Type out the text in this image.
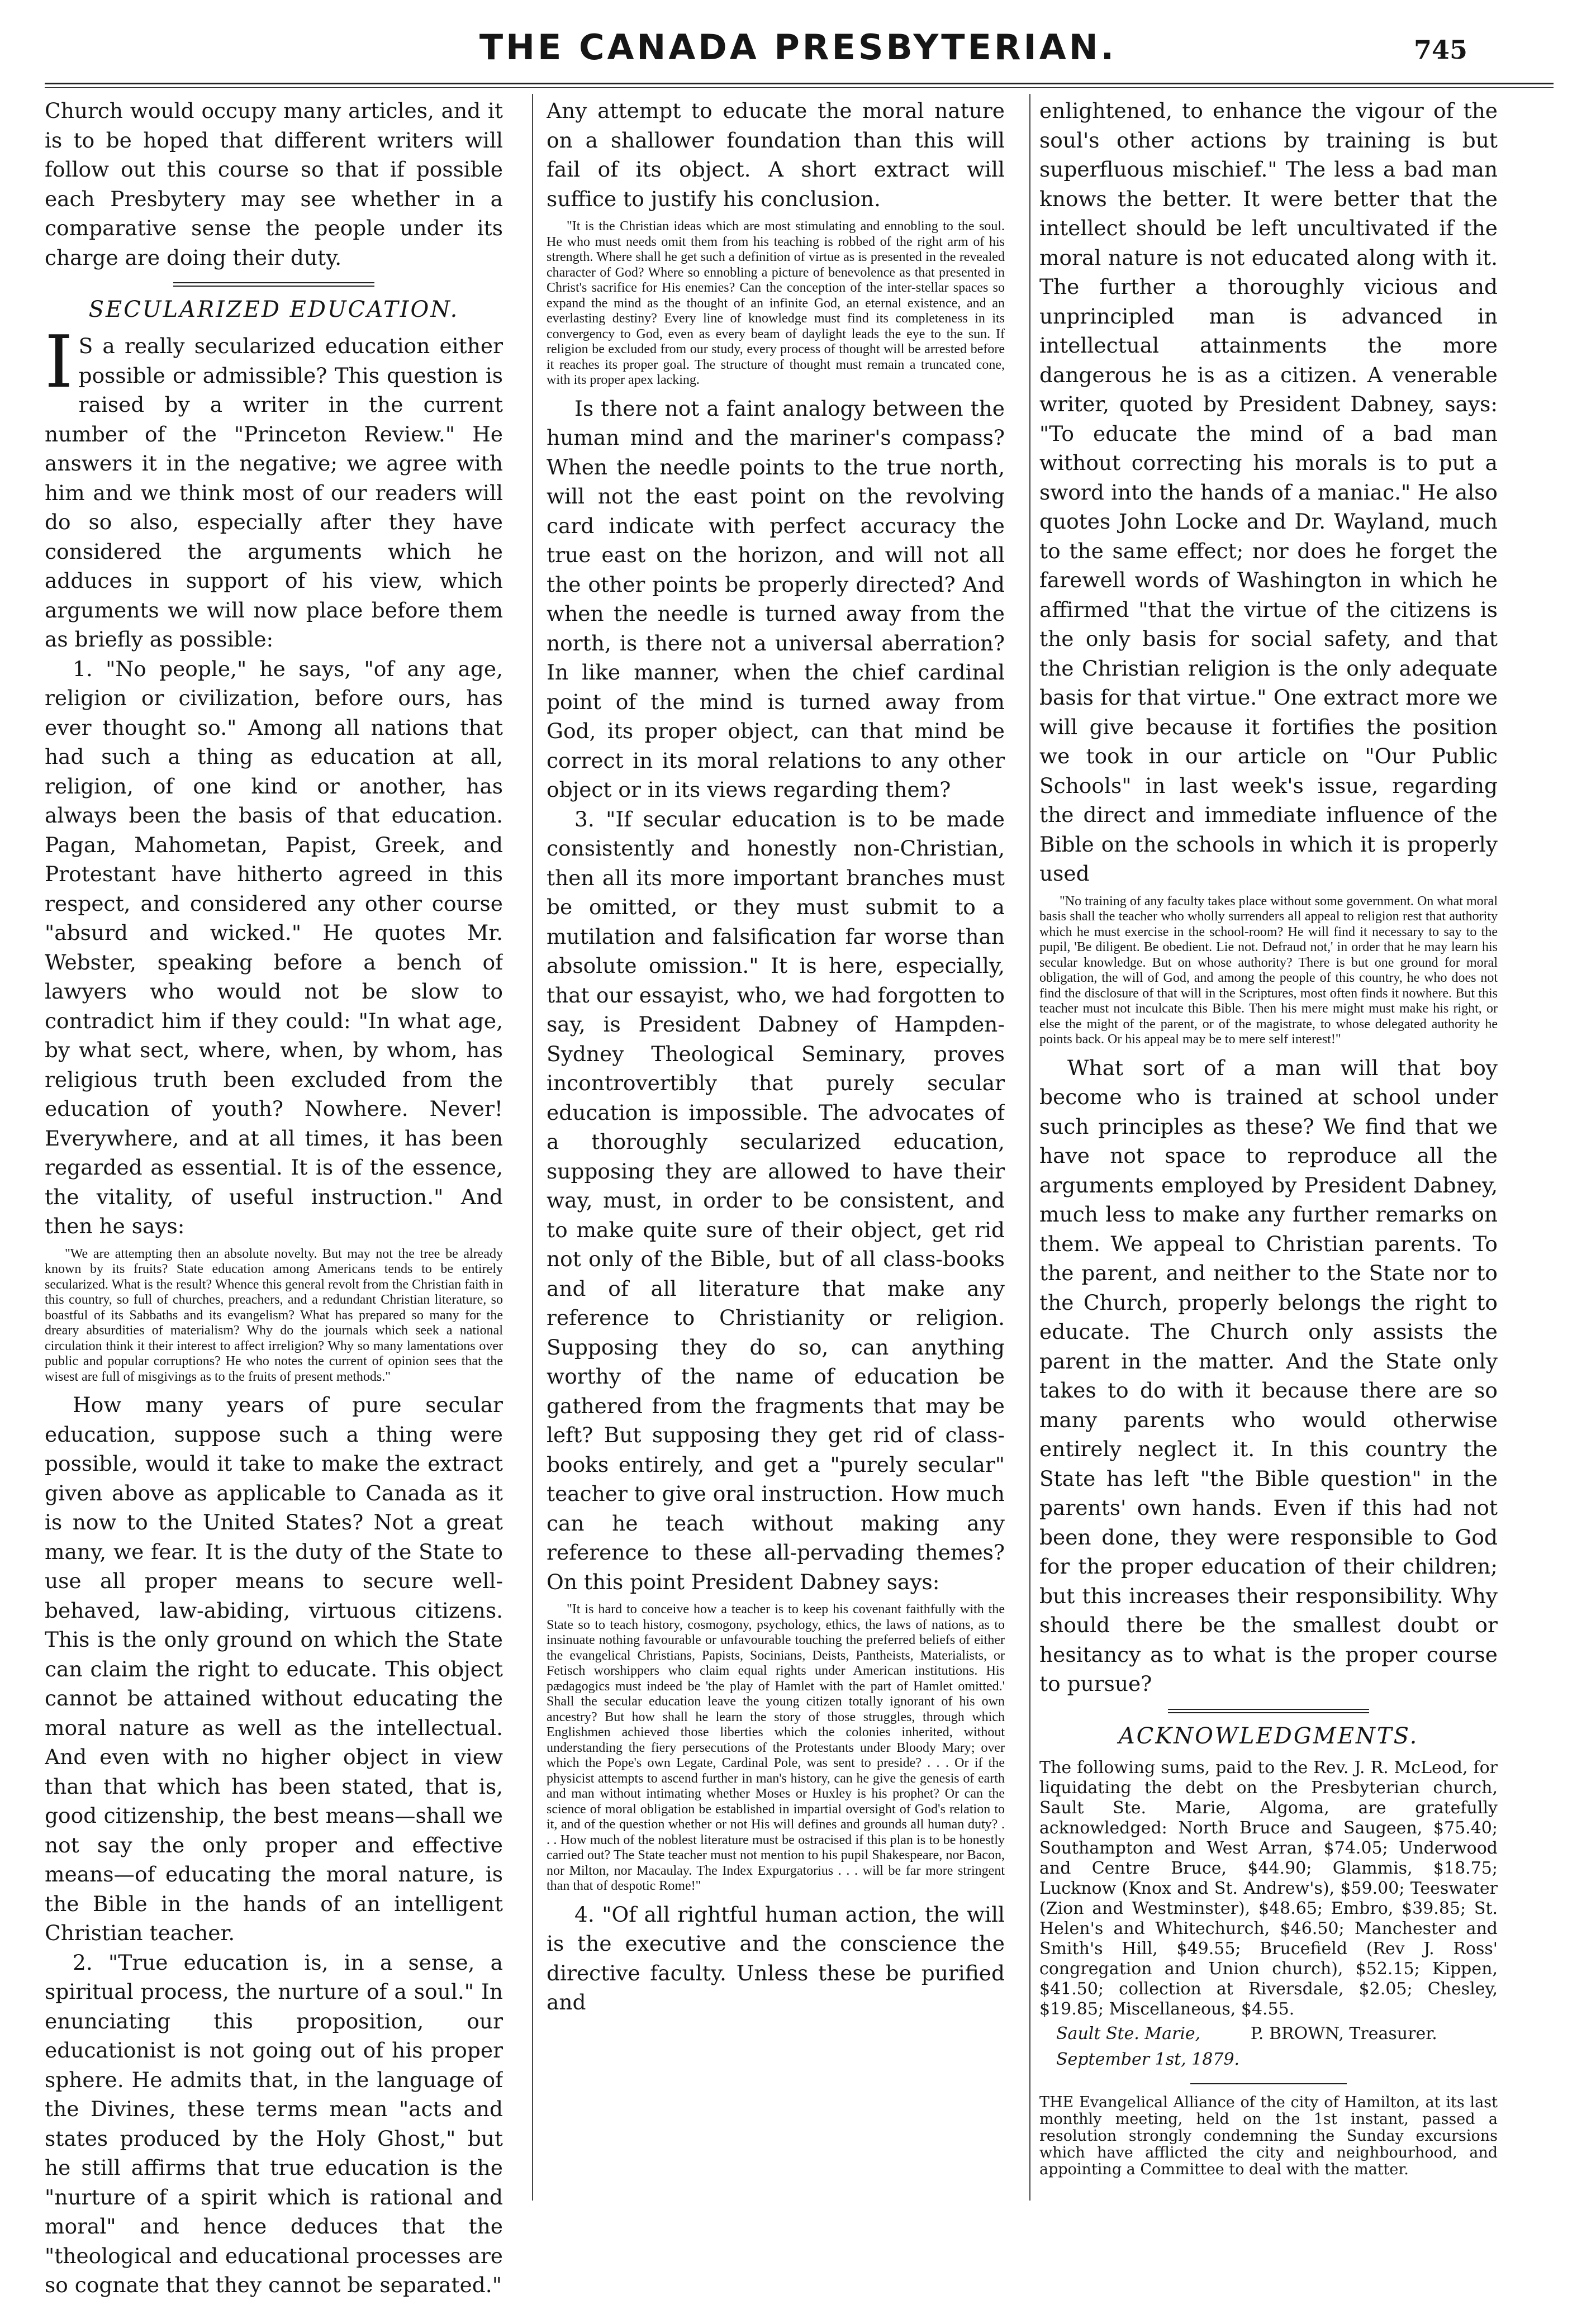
THE CANADA PRESBYTERIAN.	745

Church would occupy many articles, and it is to be hoped that different writers will follow out this course so that if possible each Presbytery may see whether in a comparative sense the people under its charge are doing their duty.

SECULARIZED EDUCATION.

I S a really secularized education either possible or admissible? This question is raised by a writer in the current number of the "Princeton Review." He answers it in the negative; we agree with him and we think most of our readers will do so also, especially after they have considered the arguments which he adduces in support of his view, which arguments we will now place before them as briefly as possible:

1. "No people," he says, "of any age, religion or civilization, before ours, has ever thought so." Among all nations that had such a thing as education at all, religion, of one kind or another, has always been the basis of that education. Pagan, Mahometan, Papist, Greek, and Protestant have hitherto agreed in this respect, and considered any other course "absurd and wicked." He quotes Mr. Webster, speaking before a bench of lawyers who would not be slow to contradict him if they could: "In what age, by what sect, where, when, by whom, has religious truth been excluded from the education of youth? Nowhere. Never! Everywhere, and at all times, it has been regarded as essential. It is of the essence, the vitality, of useful instruction." And then he says:

"We are attempting then an absolute novelty. But may not the tree be already known by its fruits? State education among Americans tends to be entirely secularized. What is the result? Whence this general revolt from the Christian faith in this country, so full of churches, preachers, and a redundant Christian literature, so boastful of its Sabbaths and its evangelism? What has prepared so many for the dreary absurdities of materialism? Why do the journals which seek a national circulation think it their interest to affect irreligion? Why so many lamentations over public and popular corruptions? He who notes the current of opinion sees that the wisest are full of misgivings as to the fruits of present methods."

How many years of pure secular education, suppose such a thing were possible, would it take to make the extract given above as applicable to Canada as it is now to the United States? Not a great many, we fear. It is the duty of the State to use all proper means to secure well-behaved, law-abiding, virtuous citizens. This is the only ground on which the State can claim the right to educate. This object cannot be attained without educating the moral nature as well as the intellectual. And even with no higher object in view than that which has been stated, that is, good citizenship, the best means—shall we not say the only proper and effective means—of educating the moral nature, is the Bible in the hands of an intelligent Christian teacher.

2. "True education is, in a sense, a spiritual process, the nurture of a soul." In enunciating this proposition, our educationist is not going out of his proper sphere. He admits that, in the language of the Divines, these terms mean "acts and states produced by the Holy Ghost," but he still affirms that true education is the "nurture of a spirit which is rational and moral" and hence deduces that the "theological and educational processes are so cognate that they cannot be separated."

Any attempt to educate the moral nature on a shallower foundation than this will fail of its object. A short extract will suffice to justify his conclusion.

"It is the Christian ideas which are most stimulating and ennobling to the soul. He who must needs omit them from his teaching is robbed of the right arm of his strength. Where shall he get such a definition of virtue as is presented in the revealed character of God? Where so ennobling a picture of benevolence as that presented in Christ's sacrifice for His enemies? Can the conception of the inter-stellar spaces so expand the mind as the thought of an infinite God, an eternal existence, and an everlasting destiny? Every line of knowledge must find its completeness in its convergency to God, even as every beam of daylight leads the eye to the sun. If religion be excluded from our study, every process of thought will be arrested before it reaches its proper goal. The structure of thought must remain a truncated cone, with its proper apex lacking.

Is there not a faint analogy between the human mind and the mariner's compass? When the needle points to the true north, will not the east point on the revolving card indicate with perfect accuracy the true east on the horizon, and will not all the other points be properly directed? And when the needle is turned away from the north, is there not a universal aberration? In like manner, when the chief cardinal point of the mind is turned away from God, its proper object, can that mind be correct in its moral relations to any other object or in its views regarding them?

3. "If secular education is to be made consistently and honestly non-Christian, then all its more important branches must be omitted, or they must submit to a mutilation and falsification far worse than absolute omission." It is here, especially, that our essayist, who, we had forgotten to say, is President Dabney of Hampden-Sydney Theological Seminary, proves incontrovertibly that purely secular education is impossible. The advocates of a thoroughly secularized education, supposing they are allowed to have their way, must, in order to be consistent, and to make quite sure of their object, get rid not only of the Bible, but of all class-books and of all literature that make any reference to Christianity or religion. Supposing they do so, can anything worthy of the name of education be gathered from the fragments that may be left? But supposing they get rid of class-books entirely, and get a "purely secular" teacher to give oral instruction. How much can he teach without making any reference to these all-pervading themes? On this point President Dabney says:

"It is hard to conceive how a teacher is to keep his covenant faithfully with the State so to teach history, cosmogony, psychology, ethics, the laws of nations, as to insinuate nothing favourable or unfavourable touching the preferred beliefs of either the evangelical Christians, Papists, Socinians, Deists, Pantheists, Materialists, or Fetisch worshippers who claim equal rights under American institutions. His pædagogics must indeed be 'the play of Hamlet with the part of Hamlet omitted.' Shall the secular education leave the young citizen totally ignorant of his own ancestry? But how shall he learn the story of those struggles, through which Englishmen achieved those liberties which the colonies inherited, without understanding the fiery persecutions of the Protestants under Bloody Mary; over which the Pope's own Legate, Cardinal Pole, was sent to preside? . . . Or if the physicist attempts to ascend further in man's history, can he give the genesis of earth and man without intimating whether Moses or Huxley is his prophet? Or can the science of moral obligation be established in impartial oversight of God's relation to it, and of the question whether or not His will defines and grounds all human duty? . . . How much of the noblest literature must be ostracised if this plan is to be honestly carried out? The State teacher must not mention to his pupil Shakespeare, nor Bacon, nor Milton, nor Macaulay. The Index Expurgatorius . . . will be far more stringent than that of despotic Rome!"

4. "Of all rightful human action, the will is the executive and the conscience the directive faculty. Unless these be purified and

enlightened, to enhance the vigour of the soul's other actions by training is but superfluous mischief." The less a bad man knows the better. It were better that the intellect should be left uncultivated if the moral nature is not educated along with it. The further a thoroughly vicious and unprincipled man is advanced in intellectual attainments the more dangerous he is as a citizen. A venerable writer, quoted by President Dabney, says: "To educate the mind of a bad man without correcting his morals is to put a sword into the hands of a maniac." He also quotes John Locke and Dr. Wayland, much to the same effect; nor does he forget the farewell words of Washington in which he affirmed "that the virtue of the citizens is the only basis for social safety, and that the Christian religion is the only adequate basis for that virtue." One extract more we will give because it fortifies the position we took in our article on "Our Public Schools" in last week's issue, regarding the direct and immediate influence of the Bible on the schools in which it is properly used

"No training of any faculty takes place without some government. On what moral basis shall the teacher who wholly surrenders all appeal to religion rest that authority which he must exercise in the school-room? He will find it necessary to say to the pupil, 'Be diligent. Be obedient. Lie not. Defraud not,' in order that he may learn his secular knowledge. But on whose authority? There is but one ground for moral obligation, the will of God, and among the people of this country, he who does not find the disclosure of that will in the Scriptures, most often finds it nowhere. But this teacher must not inculcate this Bible. Then his mere might must make his right, or else the might of the parent, or of the magistrate, to whose delegated authority he points back. Or his appeal may be to mere self interest!"

What sort of a man will that boy become who is trained at school under such principles as these? We find that we have not space to reproduce all the arguments employed by President Dabney, much less to make any further remarks on them. We appeal to Christian parents. To the parent, and neither to the State nor to the Church, properly belongs the right to educate. The Church only assists the parent in the matter. And the State only takes to do with it because there are so many parents who would otherwise entirely neglect it. In this country the State has left "the Bible question" in the parents' own hands. Even if this had not been done, they were responsible to God for the proper education of their children; but this increases their responsibility. Why should there be the smallest doubt or hesitancy as to what is the proper course to pursue?

ACKNOWLEDGMENTS.

The following sums, paid to the Rev. J. R. McLeod, for liquidating the debt on the Presbyterian church, Sault Ste. Marie, Algoma, are gratefully acknowledged: North Bruce and Saugeen, $75.40; Southampton and West Arran, $74.05; Underwood and Centre Bruce, $44.90; Glammis, $18.75; Lucknow (Knox and St. Andrew's), $59.00; Teeswater (Zion and Westminster), $48.65; Embro, $39.85; St. Helen's and Whitechurch, $46.50; Manchester and Smith's Hill, $49.55; Brucefield (Rev J. Ross' congregation and Union church), $52.15; Kippen, $41.50; collection at Riversdale, $2.05; Chesley, $19.85; Miscellaneous, $4.55.

Sault Ste. Marie,	P. BROWN, Treasurer.
September 1st, 1879.

THE Evangelical Alliance of the city of Hamilton, at its last monthly meeting, held on the 1st instant, passed a resolution strongly condemning the Sunday excursions which have afflicted the city and neighbourhood, and appointing a Committee to deal with the matter.
